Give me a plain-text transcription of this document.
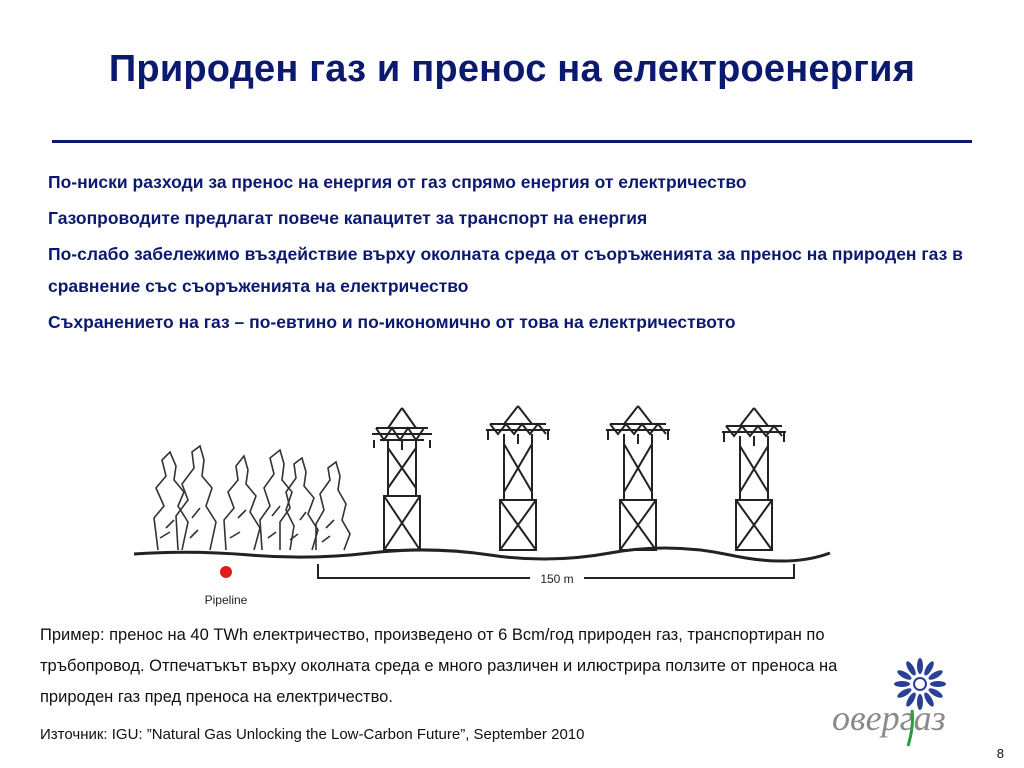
Природен газ и пренос на електроенергия
По-ниски разходи за пренос на енергия от газ спрямо енергия от електричество
Газопроводите предлагат повече капацитет за транспорт на енергия
По-слабо забележимо въздействие върху околната среда от съоръженията за пренос на природен газ в сравнение със съоръженията на електричество
Съхранението на газ – по-евтино и по-икономично от това на електричеството
Pipeline
150 m
Пример: пренос на 40 TWh електричество, произведено от 6 Bcm/год природен газ, транспортиран по тръбопровод. Отпечатъкът върху околната среда е много различен и илюстрира ползите от преноса на природен газ пред преноса на електричество.
овергаз
Източник: IGU: ”Natural Gas Unlocking the Low-Carbon Future”, September 2010
8
